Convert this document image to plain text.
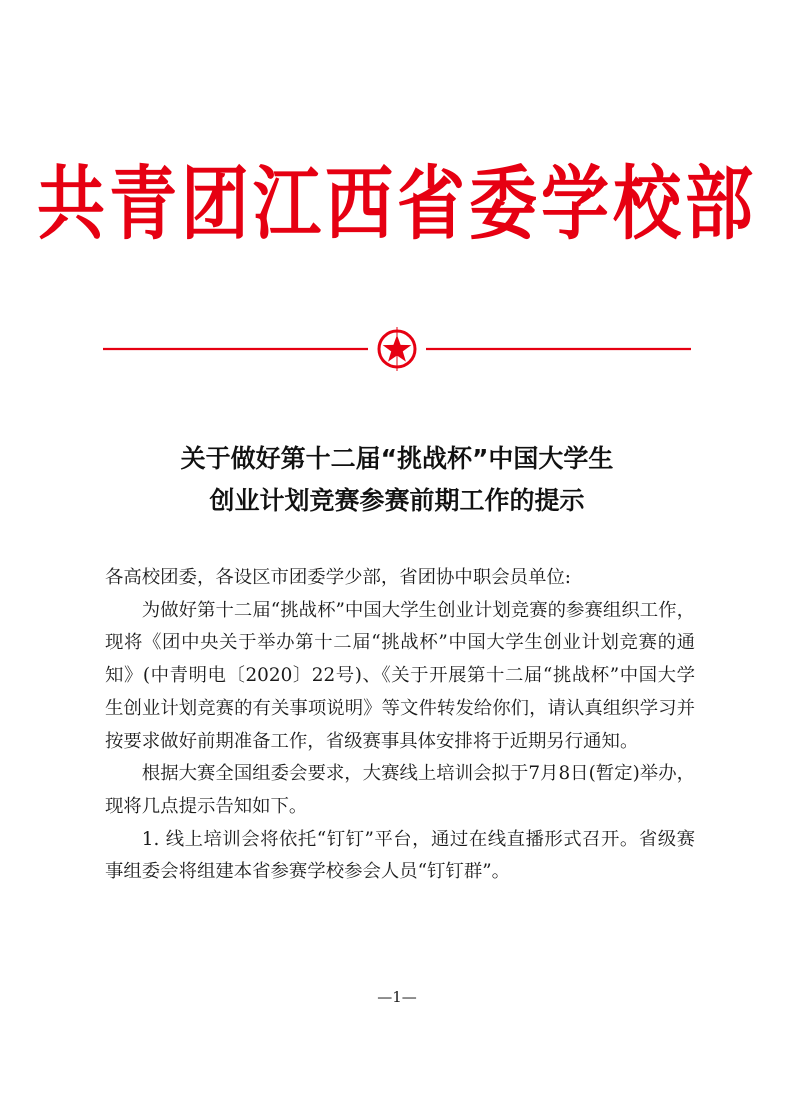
共青团江西省委学校部
关于做好第十二届“挑战杯”中国大学生
创业计划竞赛参赛前期工作的提示

各高校团委，各设区市团委学少部，省团协中职会员单位:

为做好第十二届“挑战杯”中国大学生创业计划竞赛的参赛组织工作，现将《团中央关于举办第十二届“挑战杯”中国大学生创业计划竞赛的通知》(中青明电〔2020〕22号)、《关于开展第十二届“挑战杯”中国大学生创业计划竞赛的有关事项说明》等文件转发给你们，请认真组织学习并按要求做好前期准备工作，省级赛事具体安排将于近期另行通知。

根据大赛全国组委会要求，大赛线上培训会拟于7月8日(暂定)举办，现将几点提示告知如下。

1. 线上培训会将依托“钉钉”平台，通过在线直播形式召开。省级赛事组委会将组建本省参赛学校参会人员“钉钉群”。

—1—
